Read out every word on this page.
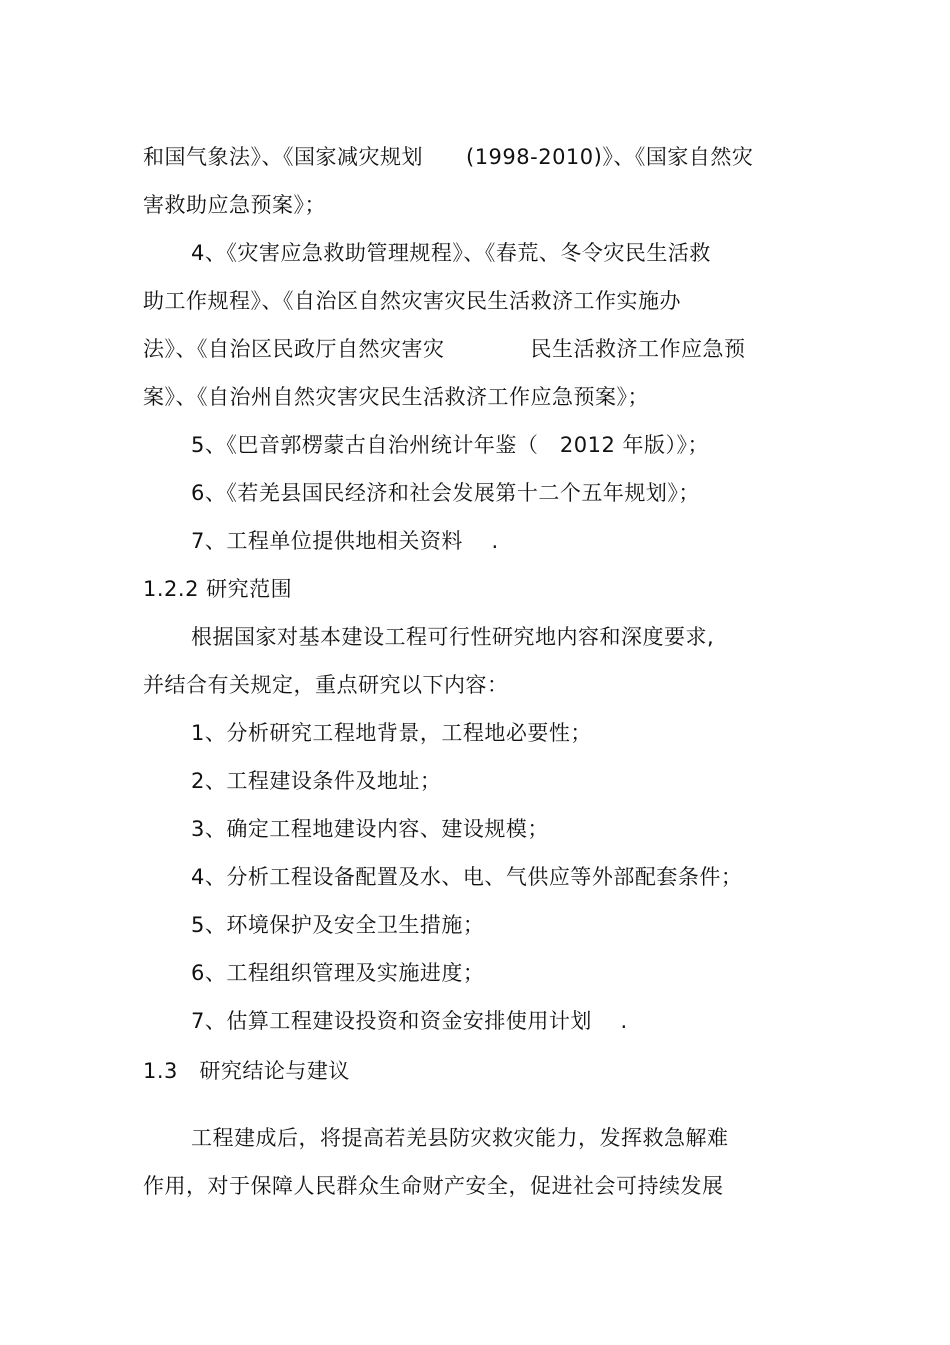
和国气象法》、《国家减灾规划　　(1998-2010)》、《国家自然灾
害救助应急预案》；
4、《灾害应急救助管理规程》、《春荒、冬令灾民生活救
助工作规程》、《自治区自然灾害灾民生活救济工作实施办
法》、《自治区民政厅自然灾害灾　　　　民生活救济工作应急预
案》、《自治州自然灾害灾民生活救济工作应急预案》；
5、《巴音郭楞蒙古自治州统计年鉴（　2012 年版）》；
6、《若羌县国民经济和社会发展第十二个五年规划》；
7、工程单位提供地相关资料　 .
1.2.2 研究范围
根据国家对基本建设工程可行性研究地内容和深度要求,
并结合有关规定，重点研究以下内容：
1、分析研究工程地背景，工程地必要性；
2、工程建设条件及地址；
3、确定工程地建设内容、建设规模；
4、分析工程设备配置及水、电、气供应等外部配套条件；
5、环境保护及安全卫生措施；
6、工程组织管理及实施进度；
7、估算工程建设投资和资金安排使用计划　 .
1.3　研究结论与建议
工程建成后，将提高若羌县防灾救灾能力，发挥救急解难
作用，对于保障人民群众生命财产安全，促进社会可持续发展
